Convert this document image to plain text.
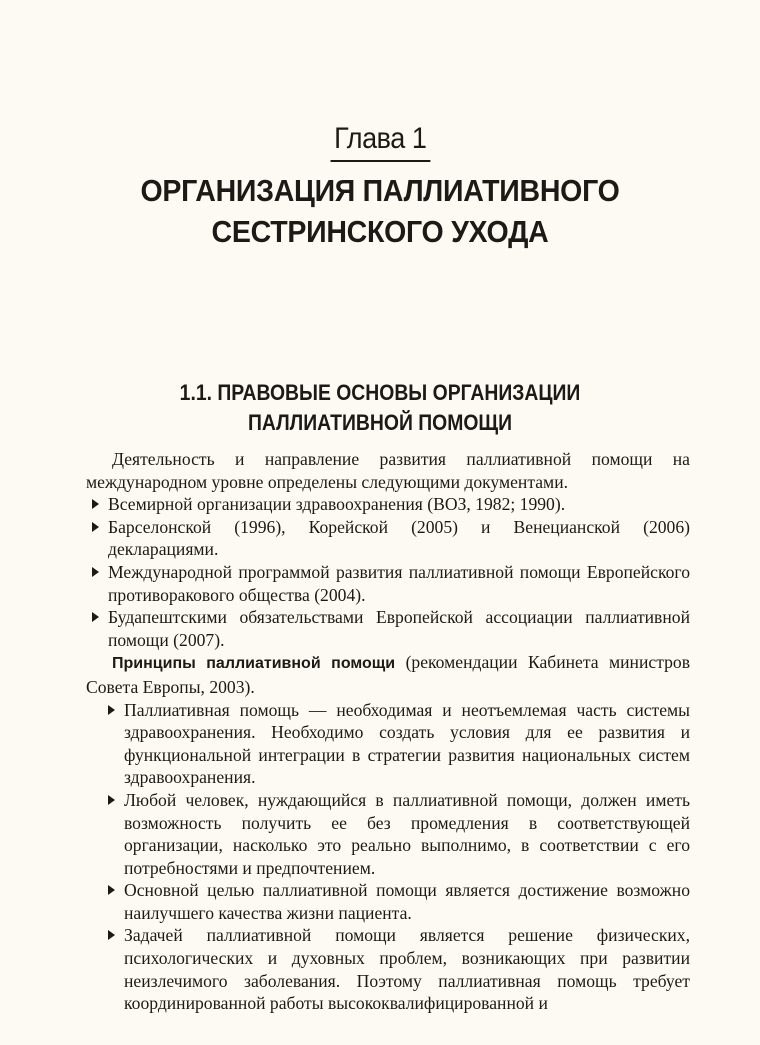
Глава 1
ОРГАНИЗАЦИЯ ПАЛЛИАТИВНОГО
СЕСТРИНСКОГО УХОДА
1.1. ПРАВОВЫЕ ОСНОВЫ ОРГАНИЗАЦИИ
ПАЛЛИАТИВНОЙ ПОМОЩИ

Деятельность и направление развития паллиативной помощи на международном уровне определены следующими документами.

Всемирной организации здравоохранения (ВОЗ, 1982; 1990).

Барселонской (1996), Корейской (2005) и Венецианской (2006) декларациями.

Международной программой развития паллиативной помощи Европейского противоракового общества (2004).

Будапештскими обязательствами Европейской ассоциации паллиативной помощи (2007).

Принципы паллиативной помощи (рекомендации Кабинета министров Совета Европы, 2003).

Паллиативная помощь — необходимая и неотъемлемая часть системы здравоохранения. Необходимо создать условия для ее развития и функциональной интеграции в стратегии развития национальных систем здравоохранения.

Любой человек, нуждающийся в паллиативной помощи, должен иметь возможность получить ее без промедления в соответствующей организации, насколько это реально выполнимо, в соответствии с его потребностями и предпочтением.

Основной целью паллиативной помощи является достижение возможно наилучшего качества жизни пациента.

Задачей паллиативной помощи является решение физических, психологических и духовных проблем, возникающих при развитии неизлечимого заболевания. Поэтому паллиативная помощь требует координированной работы высококвалифицированной и
